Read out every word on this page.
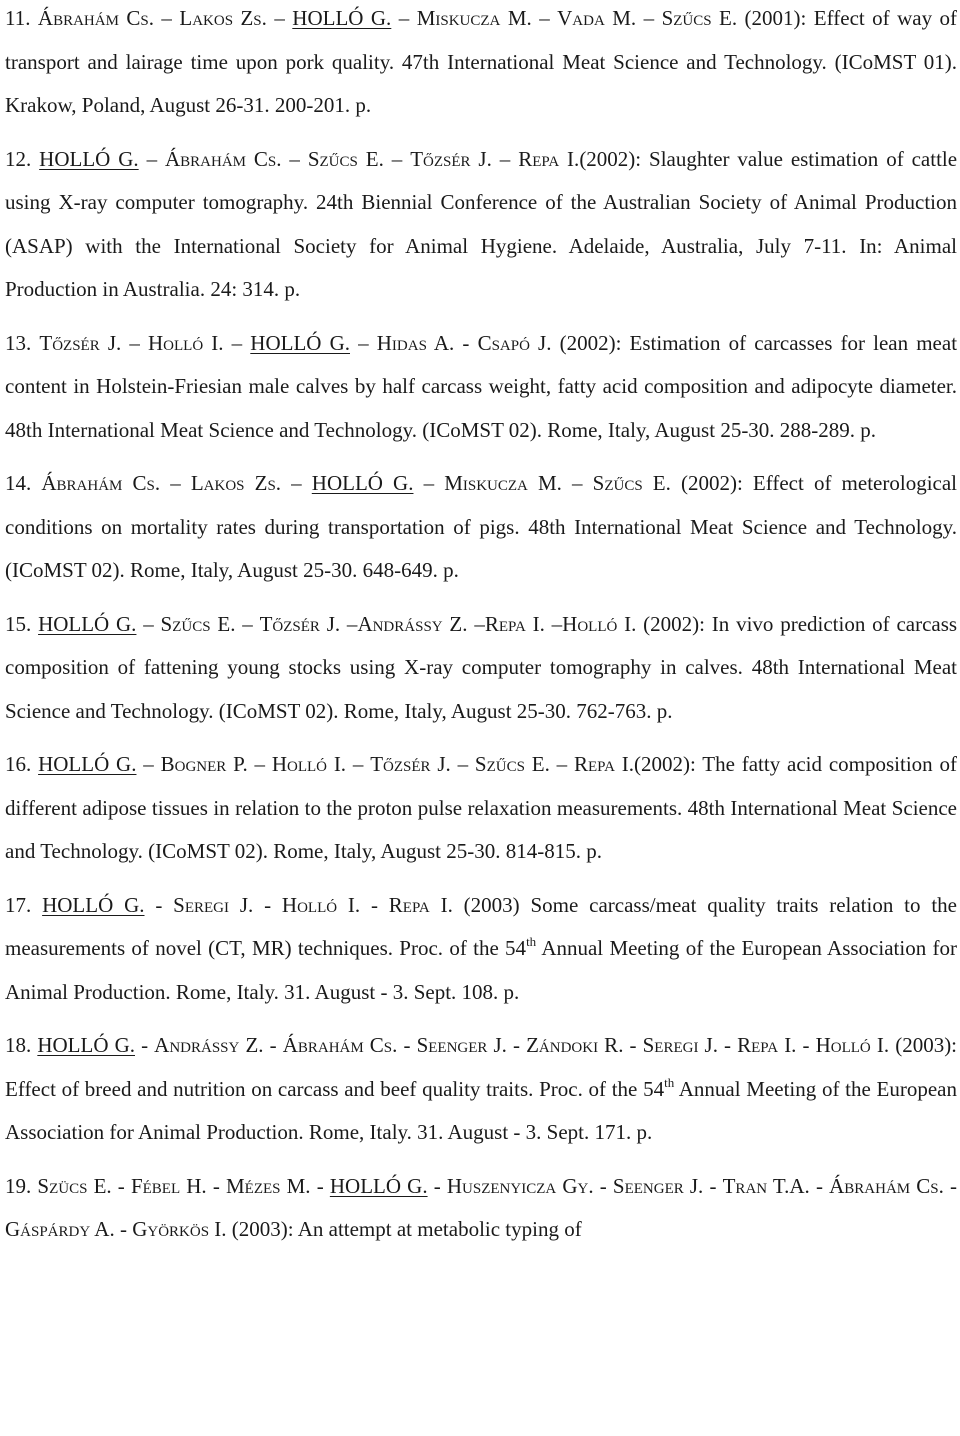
11. Ábrahám Cs. – Lakos Zs. – HOLLÓ G. – Miskucza M. – Vada M. – Szűcs E. (2001): Effect of way of transport and lairage time upon pork quality. 47th International Meat Science and Technology. (ICoMST 01). Krakow, Poland, August 26-31. 200-201. p.

12. HOLLÓ G. – Ábrahám Cs. – Szűcs E. – Tőzsér J. – Repa I.(2002): Slaughter value estimation of cattle using X-ray computer tomography. 24th Biennial Conference of the Australian Society of Animal Production (ASAP) with the International Society for Animal Hygiene. Adelaide, Australia, July 7-11. In: Animal Production in Australia. 24: 314. p.

13. Tőzsér J. – Holló I. – HOLLÓ G. – Hidas A. - Csapó J. (2002): Estimation of carcasses for lean meat content in Holstein-Friesian male calves by half carcass weight, fatty acid composition and adipocyte diameter. 48th International Meat Science and Technology. (ICoMST 02). Rome, Italy, August 25-30. 288-289. p.

14. Ábrahám Cs. – Lakos Zs. – HOLLÓ G. – Miskucza M. – Szűcs E. (2002): Effect of meterological conditions on mortality rates during transportation of pigs. 48th International Meat Science and Technology. (ICoMST 02). Rome, Italy, August 25-30. 648-649. p.

15. HOLLÓ G. – Szűcs E. – Tőzsér J. –Andrássy Z. –Repa I. –Holló I. (2002): In vivo prediction of carcass composition of fattening young stocks using X-ray computer tomography in calves. 48th International Meat Science and Technology. (ICoMST 02). Rome, Italy, August 25-30. 762-763. p.

16. HOLLÓ G. – Bogner P. – Holló I. – Tőzsér J. – Szűcs E. – Repa I.(2002): The fatty acid composition of different adipose tissues in relation to the proton pulse relaxation measurements. 48th International Meat Science and Technology. (ICoMST 02). Rome, Italy, August 25-30. 814-815. p.

17. HOLLÓ G. - Seregi J. - Holló I. - Repa I. (2003) Some carcass/meat quality traits relation to the measurements of novel (CT, MR) techniques. Proc. of the 54th Annual Meeting of the European Association for Animal Production. Rome, Italy. 31. August - 3. Sept. 108. p.

18. HOLLÓ G. - Andrássy Z. - Ábrahám Cs. - Seenger J. - Zándoki R. - Seregi J. - Repa I. - Holló I. (2003): Effect of breed and nutrition on carcass and beef quality traits. Proc. of the 54th Annual Meeting of the European Association for Animal Production. Rome, Italy. 31. August - 3. Sept. 171. p.

19. Szücs E. - Fébel H. - Mézes M. - HOLLÓ G. - Huszenyicza Gy. - Seenger J. - Tran T.A. - Ábrahám Cs. - Gáspárdy A. - Györkös I. (2003): An attempt at metabolic typing of
